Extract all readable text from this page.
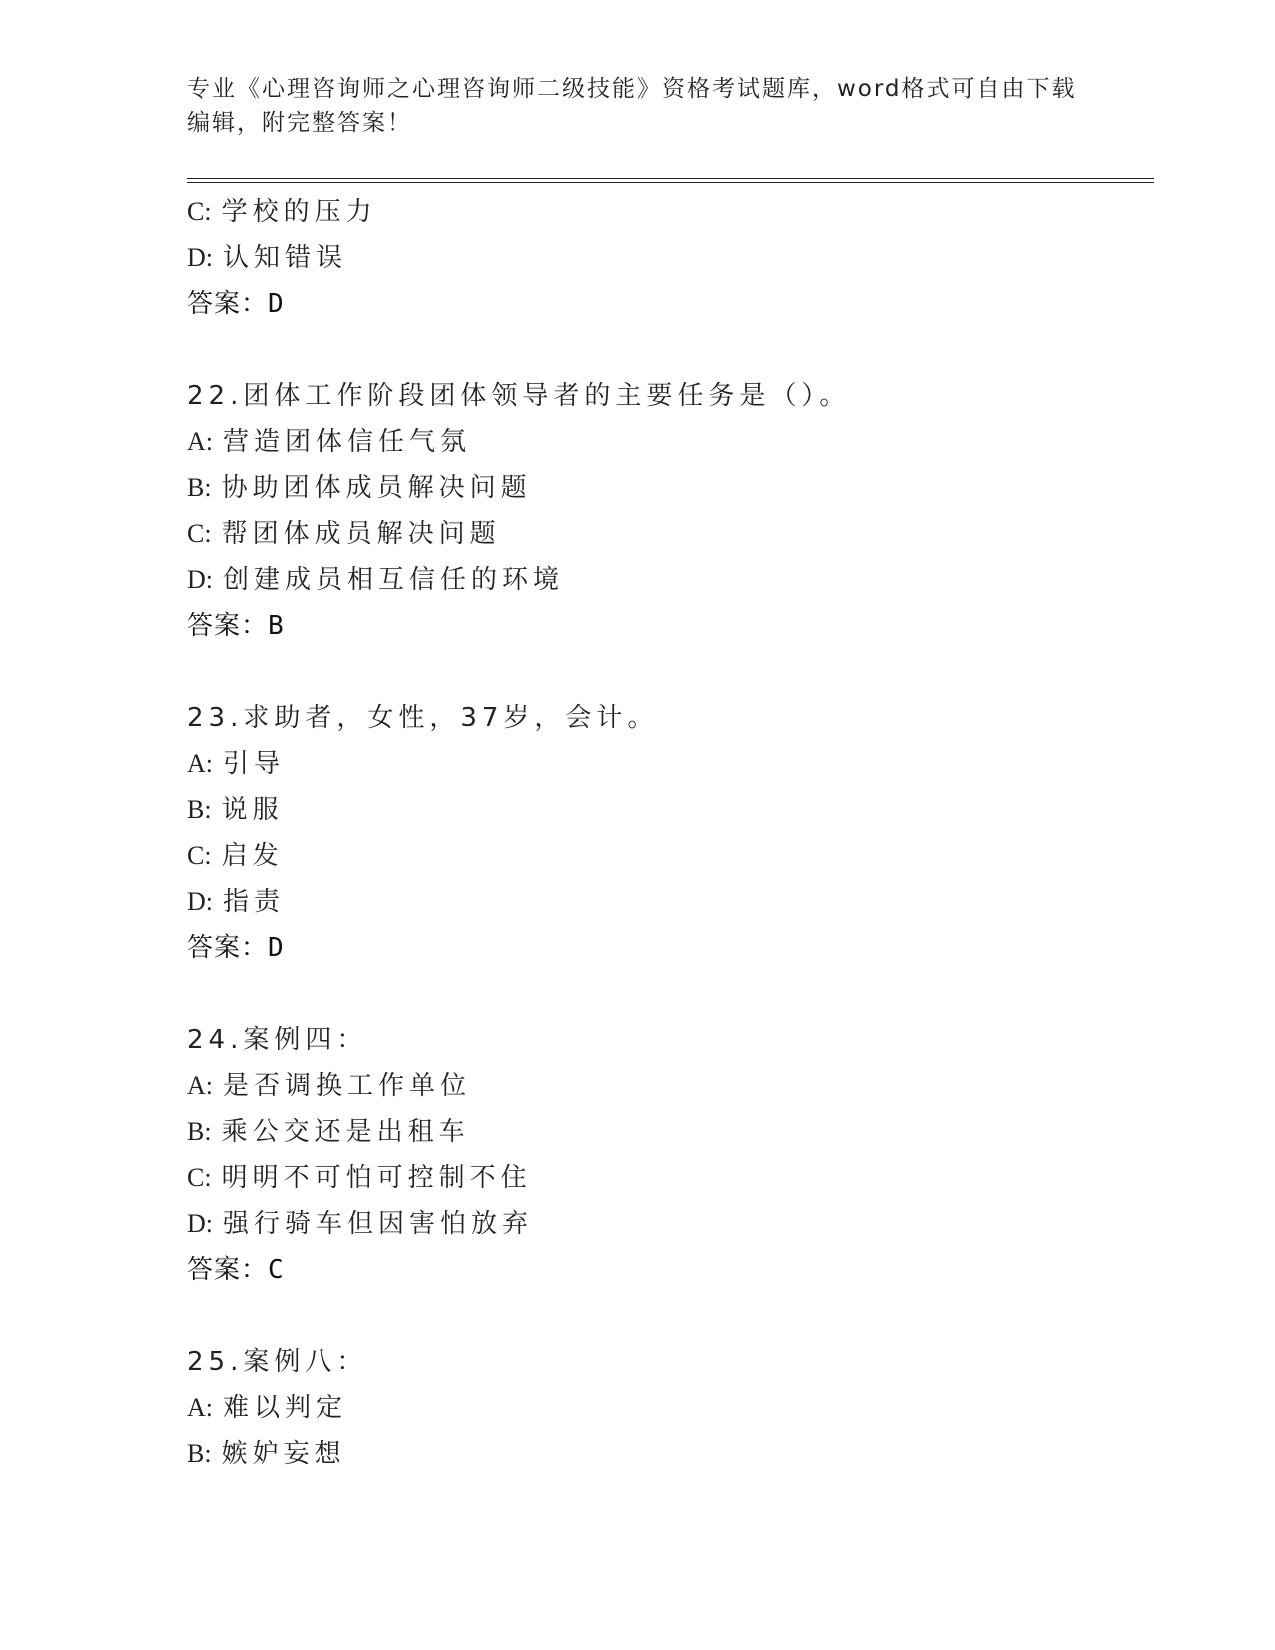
专业《心理咨询师之心理咨询师二级技能》资格考试题库，word格式可自由下载
编辑，附完整答案！
C: 学校的压力
D: 认知错误
答案：D
22.团体工作阶段团体领导者的主要任务是（）。
A: 营造团体信任气氛
B: 协助团体成员解决问题
C: 帮团体成员解决问题
D: 创建成员相互信任的环境
答案：B
23.求助者，女性，37岁，会计。
A: 引导
B: 说服
C: 启发
D: 指责
答案：D
24.案例四：
A: 是否调换工作单位
B: 乘公交还是出租车
C: 明明不可怕可控制不住
D: 强行骑车但因害怕放弃
答案：C
25.案例八：
A: 难以判定
B: 嫉妒妄想
